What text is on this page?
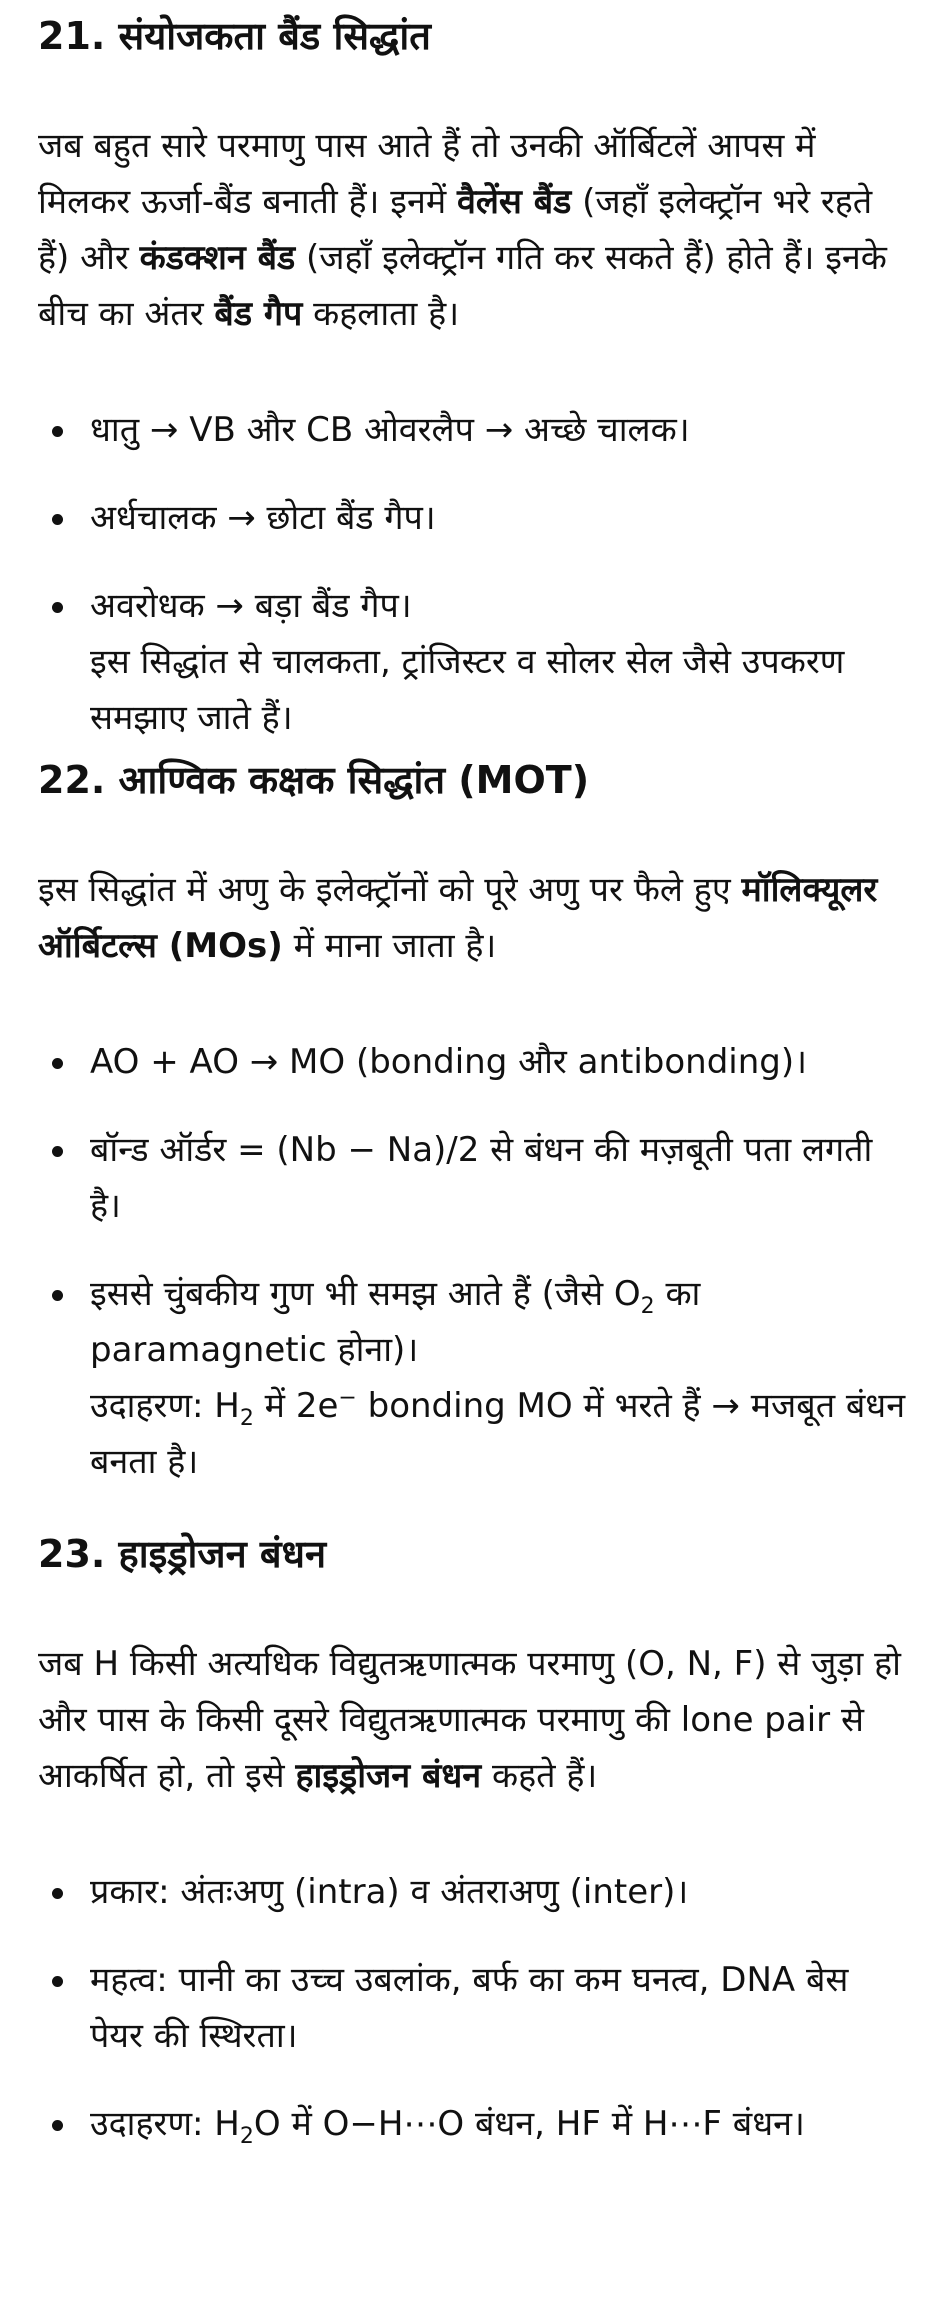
21. संयोजकता बैंड सिद्धांत

जब बहुत सारे परमाणु पास आते हैं तो उनकी ऑर्बिटलें आपस में मिलकर ऊर्जा-बैंड बनाती हैं। इनमें वैलेंस बैंड (जहाँ इलेक्ट्रॉन भरे रहते हैं) और कंडक्शन बैंड (जहाँ इलेक्ट्रॉन गति कर सकते हैं) होते हैं। इनके बीच का अंतर बैंड गैप कहलाता है।

धातु → VB और CB ओवरलैप → अच्छे चालक।
अर्धचालक → छोटा बैंड गैप।
अवरोधक → बड़ा बैंड गैप।
इस सिद्धांत से चालकता, ट्रांजिस्टर व सोलर सेल जैसे उपकरण समझाए जाते हैं।
22. आण्विक कक्षक सिद्धांत (MOT)

इस सिद्धांत में अणु के इलेक्ट्रॉनों को पूरे अणु पर फैले हुए मॉलिक्यूलर ऑर्बिटल्स (MOs) में माना जाता है।

AO + AO → MO (bonding और antibonding)।
बॉन्ड ऑर्डर = (Nb − Na)/2 से बंधन की मज़बूती पता लगती है।
इससे चुंबकीय गुण भी समझ आते हैं (जैसे $O_2$ का paramagnetic होना)।
उदाहरण: $H_2$ में 2e− bonding MO में भरते हैं → मजबूत बंधन बनता है।
23. हाइड्रोजन बंधन

जब H किसी अत्यधिक विद्युतऋणात्मक परमाणु (O, N, F) से जुड़ा हो और पास के किसी दूसरे विद्युतऋणात्मक परमाणु की lone pair से आकर्षित हो, तो इसे हाइड्रोजन बंधन कहते हैं।

प्रकार: अंतःअणु (intra) व अंतराअणु (inter)।
महत्व: पानी का उच्च उबलांक, बर्फ का कम घनत्व, DNA बेस पेयर की स्थिरता।
उदाहरण: $H_2O$ में O−H⋯O बंधन, HF में H⋯F बंधन।
